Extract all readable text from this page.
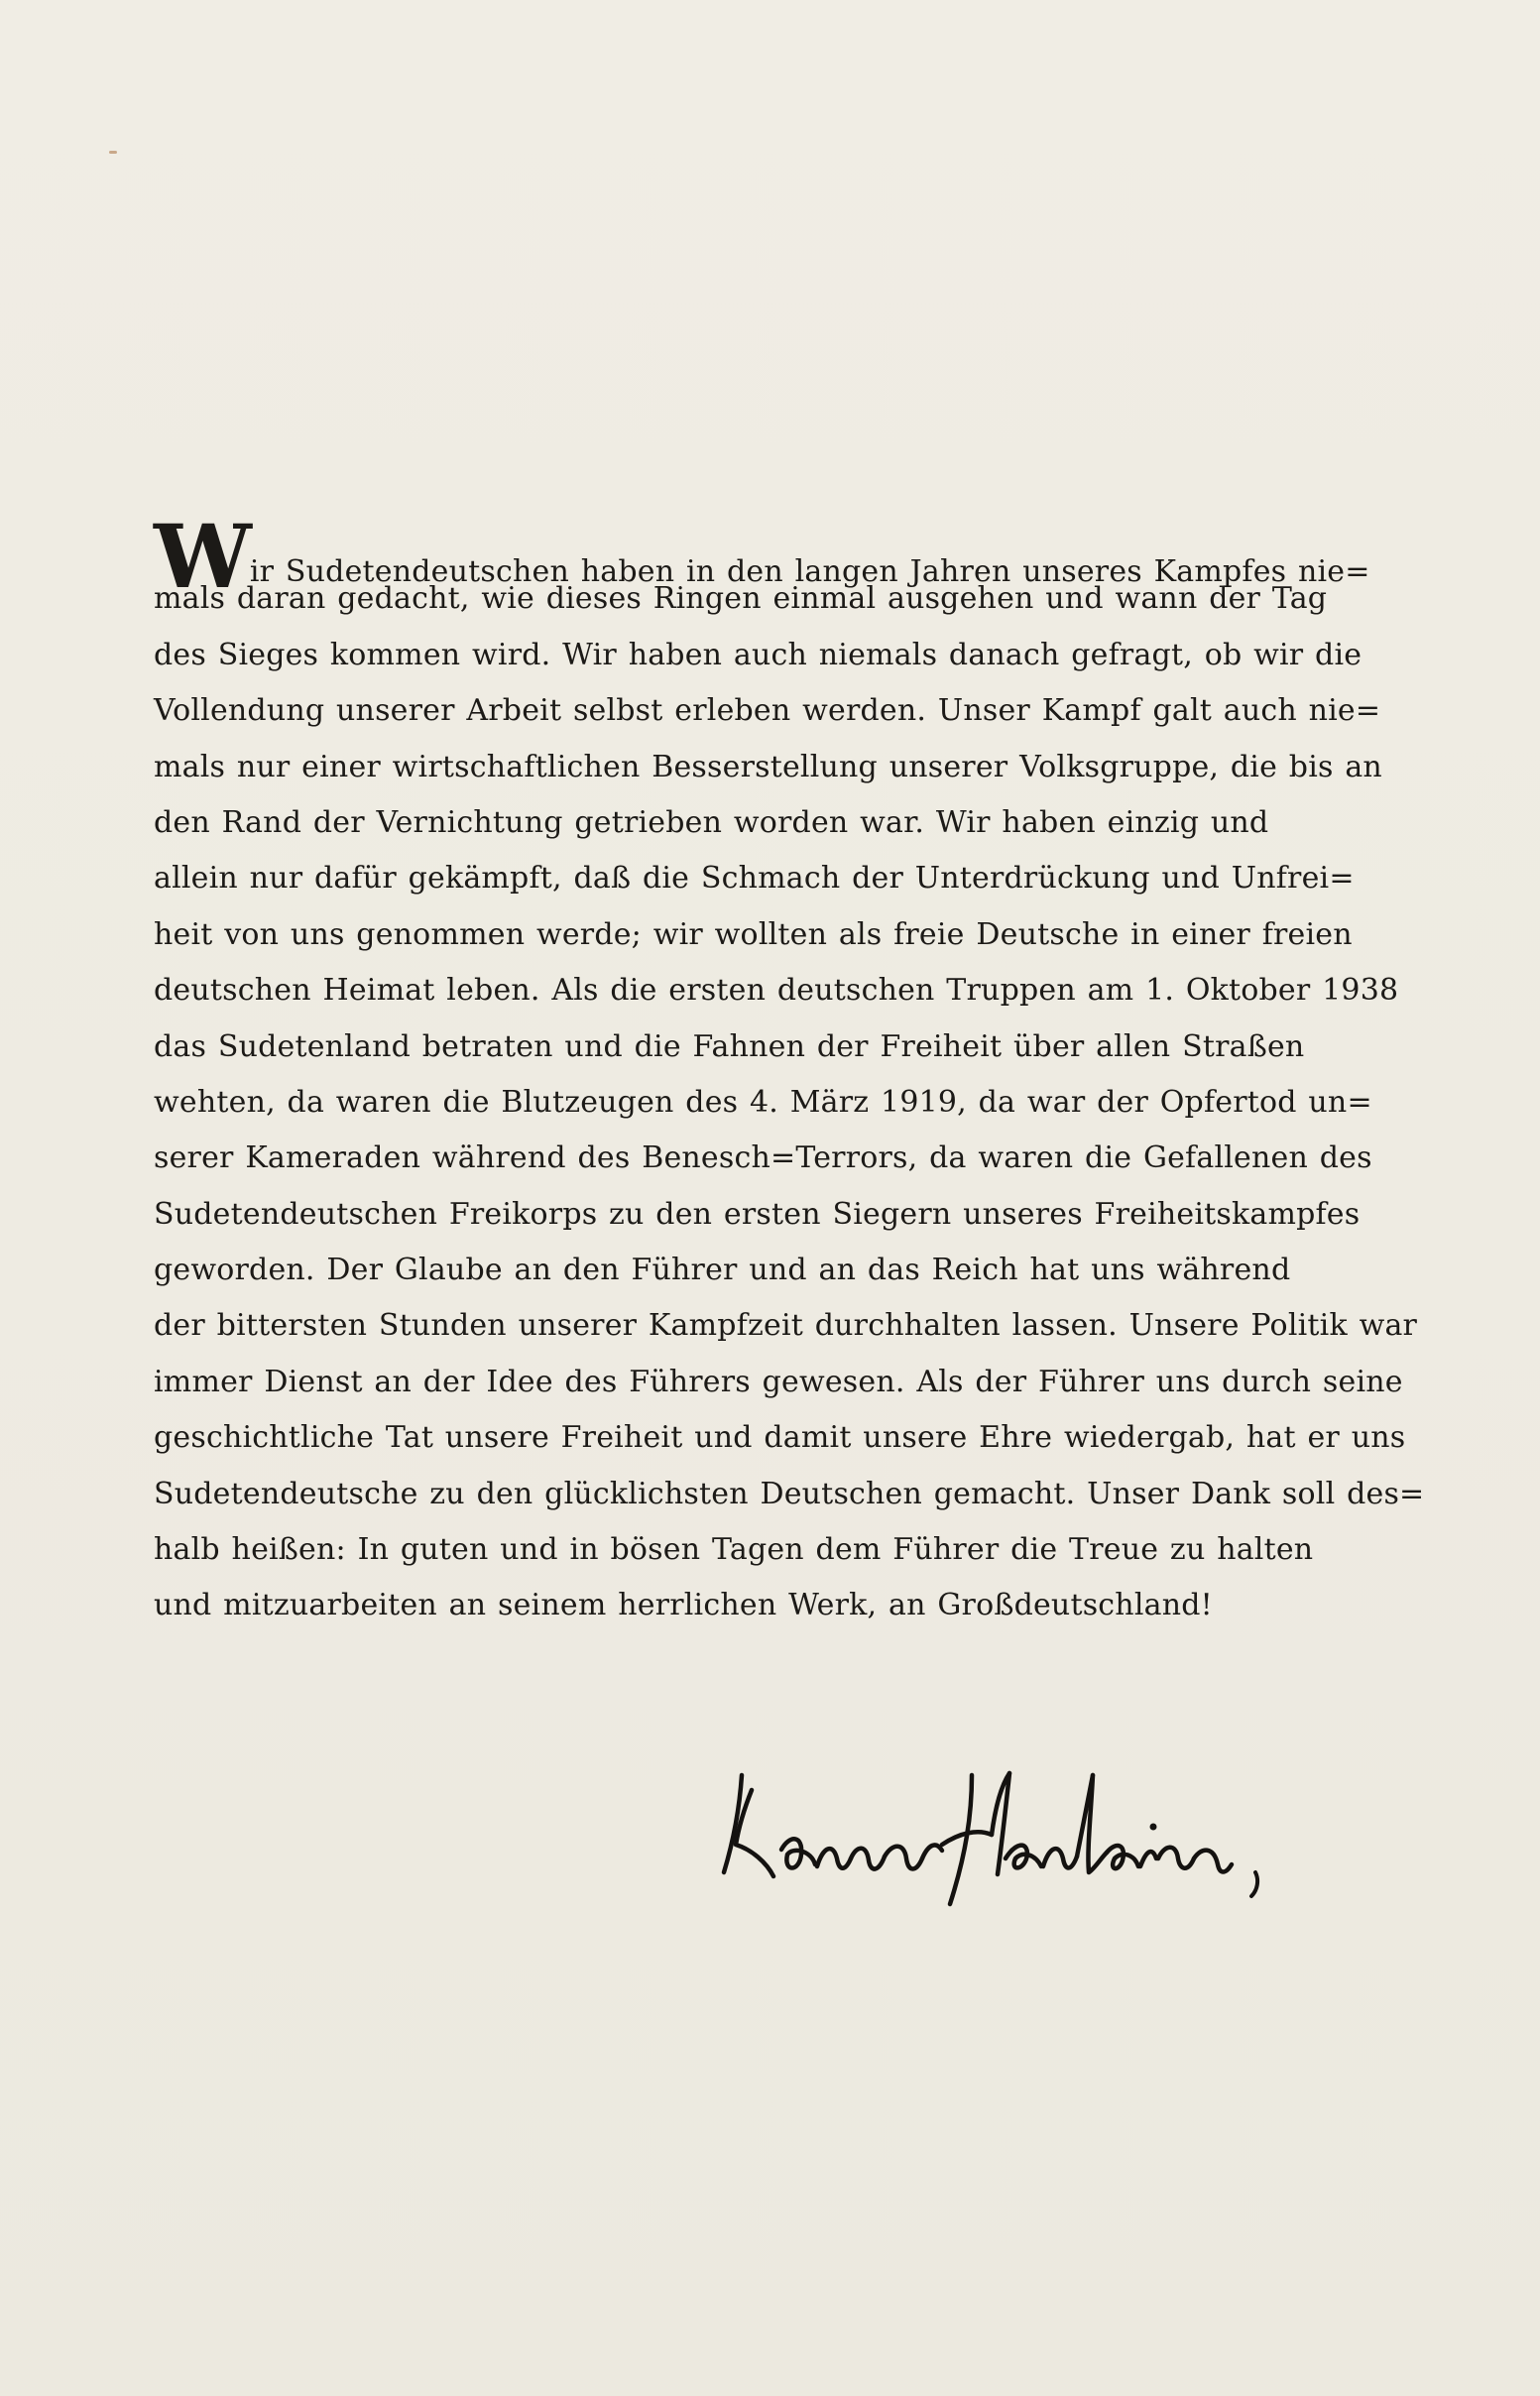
W ir Sudetendeutschen haben in den langen Jahren unseres Kampfes nie=
mals daran gedacht, wie dieses Ringen einmal ausgehen und wann der Tag
des Sieges kommen wird. Wir haben auch niemals danach gefragt, ob wir die
Vollendung unserer Arbeit selbst erleben werden. Unser Kampf galt auch nie=
mals nur einer wirtschaftlichen Besserstellung unserer Volksgruppe, die bis an
den Rand der Vernichtung getrieben worden war. Wir haben einzig und
allein nur dafür gekämpft, daß die Schmach der Unterdrückung und Unfrei=
heit von uns genommen werde; wir wollten als freie Deutsche in einer freien
deutschen Heimat leben. Als die ersten deutschen Truppen am 1. Oktober 1938
das Sudetenland betraten und die Fahnen der Freiheit über allen Straßen
wehten, da waren die Blutzeugen des 4. März 1919, da war der Opfertod un=
serer Kameraden während des Benesch=Terrors, da waren die Gefallenen des
Sudetendeutschen Freikorps zu den ersten Siegern unseres Freiheitskampfes
geworden. Der Glaube an den Führer und an das Reich hat uns während
der bittersten Stunden unserer Kampfzeit durchhalten lassen. Unsere Politik war
immer Dienst an der Idee des Führers gewesen. Als der Führer uns durch seine
geschichtliche Tat unsere Freiheit und damit unsere Ehre wiedergab, hat er uns
Sudetendeutsche zu den glücklichsten Deutschen gemacht. Unser Dank soll des=
halb heißen: In guten und in bösen Tagen dem Führer die Treue zu halten
und mitzuarbeiten an seinem herrlichen Werk, an Großdeutschland!
